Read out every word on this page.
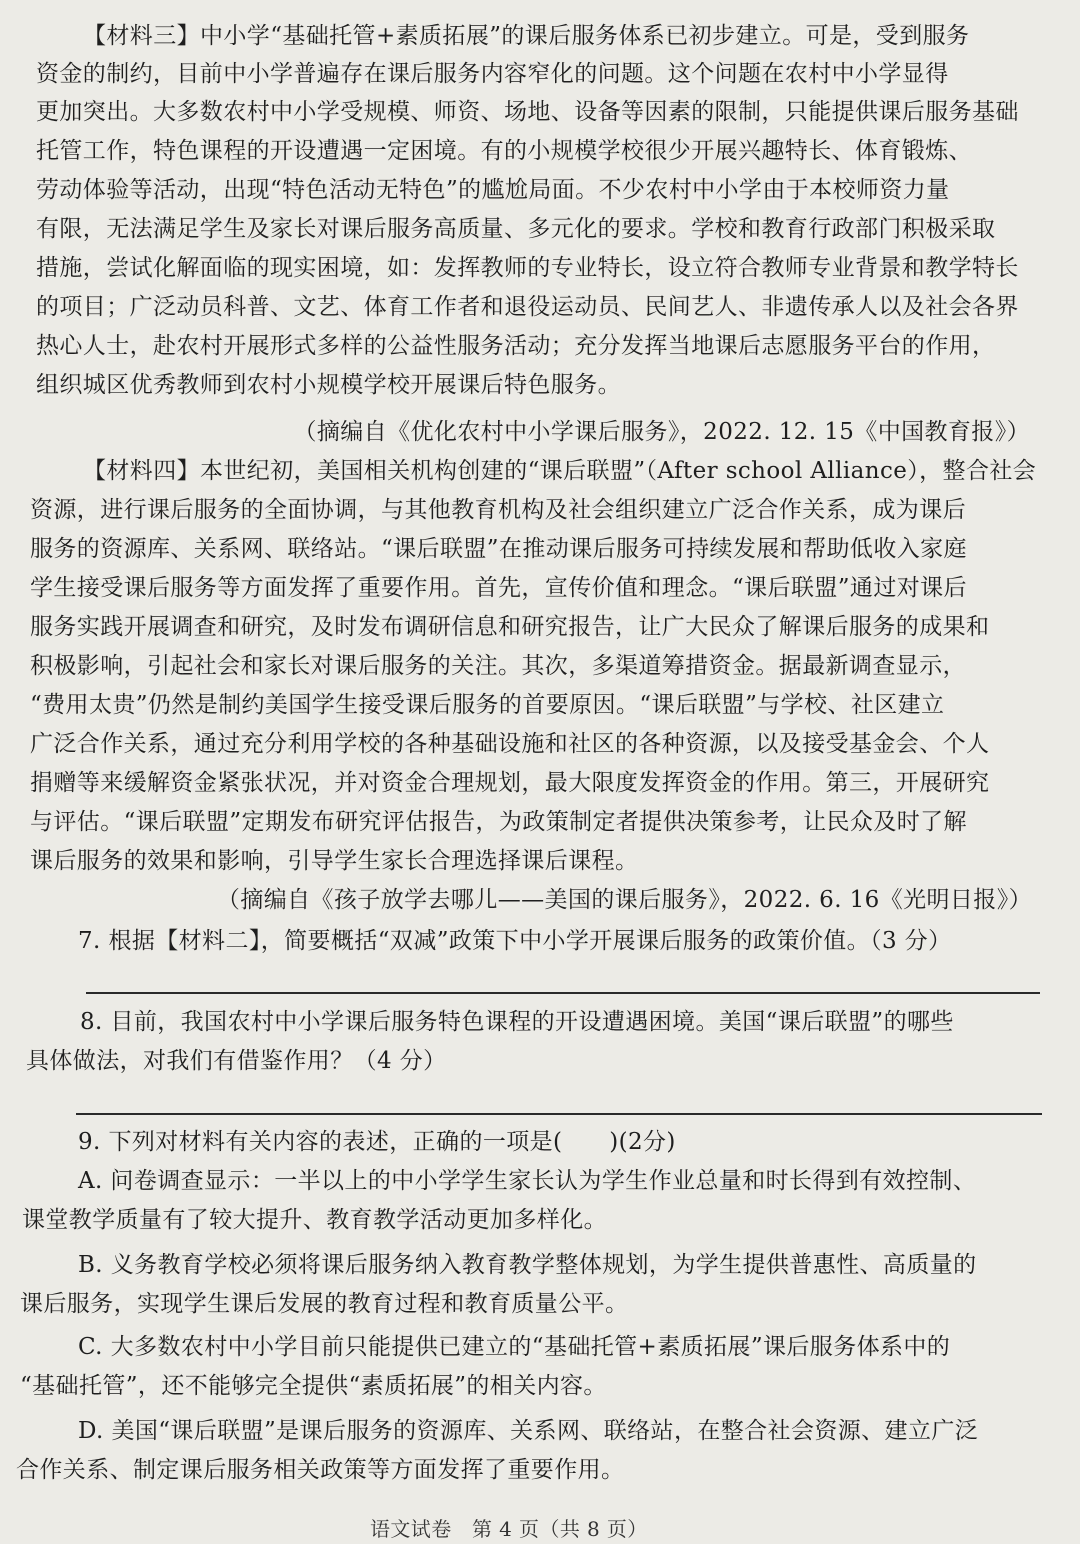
【材料三】中小学“基础托管+素质拓展”的课后服务体系已初步建立。可是，受到服务

资金的制约，目前中小学普遍存在课后服务内容窄化的问题。这个问题在农村中小学显得

更加突出。大多数农村中小学受规模、师资、场地、设备等因素的限制，只能提供课后服务基础

托管工作，特色课程的开设遭遇一定困境。有的小规模学校很少开展兴趣特长、体育锻炼、

劳动体验等活动，出现“特色活动无特色”的尴尬局面。不少农村中小学由于本校师资力量

有限，无法满足学生及家长对课后服务高质量、多元化的要求。学校和教育行政部门积极采取

措施，尝试化解面临的现实困境，如：发挥教师的专业特长，设立符合教师专业背景和教学特长

的项目；广泛动员科普、文艺、体育工作者和退役运动员、民间艺人、非遗传承人以及社会各界

热心人士，赴农村开展形式多样的公益性服务活动；充分发挥当地课后志愿服务平台的作用，

组织城区优秀教师到农村小规模学校开展课后特色服务。

（摘编自《优化农村中小学课后服务》，2022. 12. 15《中国教育报》）

【材料四】本世纪初，美国相关机构创建的“课后联盟”（After school Alliance），整合社会

资源，进行课后服务的全面协调，与其他教育机构及社会组织建立广泛合作关系，成为课后

服务的资源库、关系网、联络站。“课后联盟”在推动课后服务可持续发展和帮助低收入家庭

学生接受课后服务等方面发挥了重要作用。首先，宣传价值和理念。“课后联盟”通过对课后

服务实践开展调查和研究，及时发布调研信息和研究报告，让广大民众了解课后服务的成果和

积极影响，引起社会和家长对课后服务的关注。其次，多渠道筹措资金。据最新调查显示，

“费用太贵”仍然是制约美国学生接受课后服务的首要原因。“课后联盟”与学校、社区建立

广泛合作关系，通过充分利用学校的各种基础设施和社区的各种资源，以及接受基金会、个人

捐赠等来缓解资金紧张状况，并对资金合理规划，最大限度发挥资金的作用。第三，开展研究

与评估。“课后联盟”定期发布研究评估报告，为政策制定者提供决策参考，让民众及时了解

课后服务的效果和影响，引导学生家长合理选择课后课程。

（摘编自《孩子放学去哪儿——美国的课后服务》，2022. 6. 16《光明日报》）

7. 根据【材料二】，简要概括“双减”政策下中小学开展课后服务的政策价值。（3 分）

8. 目前，我国农村中小学课后服务特色课程的开设遭遇困境。美国“课后联盟”的哪些

具体做法，对我们有借鉴作用？（4 分）

9. 下列对材料有关内容的表述，正确的一项是(　　)(2分)

A. 问卷调查显示：一半以上的中小学学生家长认为学生作业总量和时长得到有效控制、

课堂教学质量有了较大提升、教育教学活动更加多样化。

B. 义务教育学校必须将课后服务纳入教育教学整体规划，为学生提供普惠性、高质量的

课后服务，实现学生课后发展的教育过程和教育质量公平。

C. 大多数农村中小学目前只能提供已建立的“基础托管+素质拓展”课后服务体系中的

“基础托管”，还不能够完全提供“素质拓展”的相关内容。

D. 美国“课后联盟”是课后服务的资源库、关系网、联络站，在整合社会资源、建立广泛

合作关系、制定课后服务相关政策等方面发挥了重要作用。

语文试卷　第 4 页（共 8 页）
